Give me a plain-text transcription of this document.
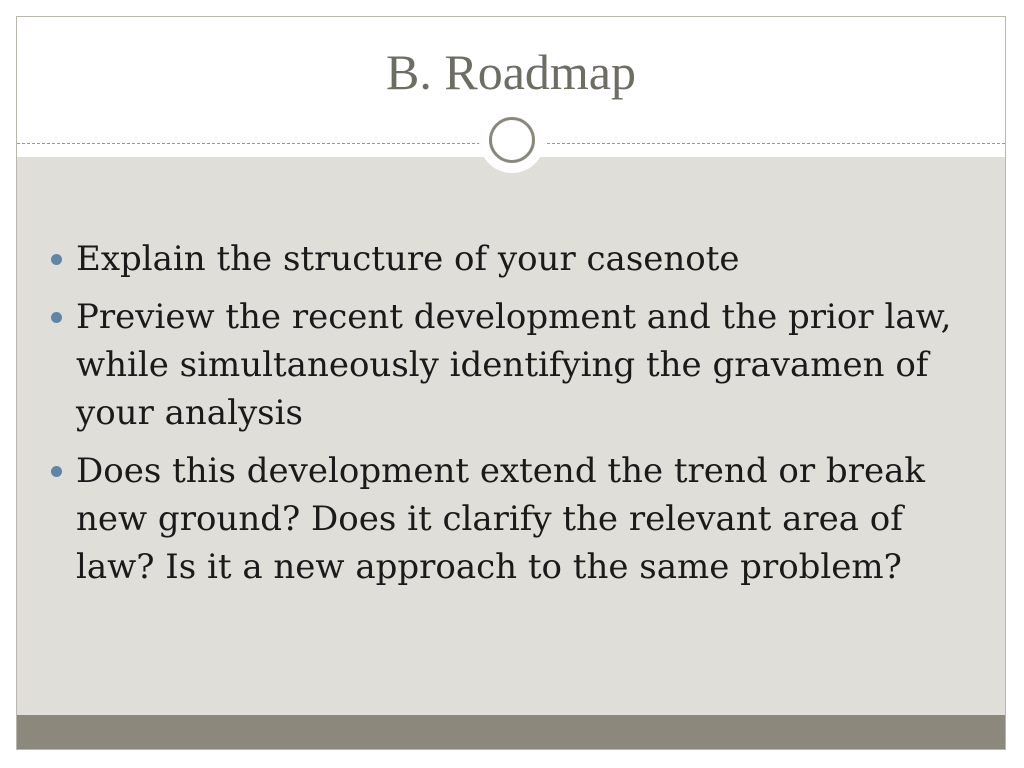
B. Roadmap
Explain the structure of your casenote
Preview the recent development and the prior law, while simultaneously identifying the gravamen of your analysis
Does this development extend the trend or break new ground? Does it clarify the relevant area of law? Is it a new approach to the same problem?
